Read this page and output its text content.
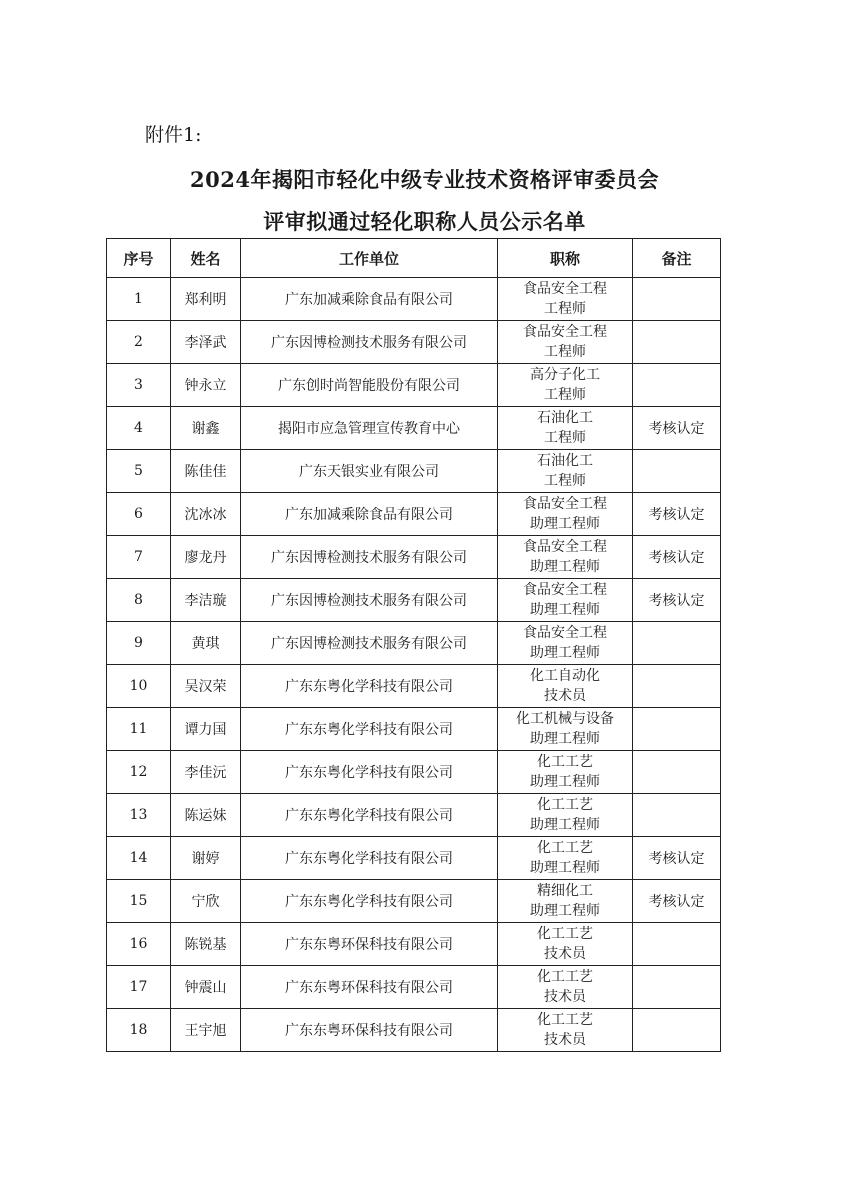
附件1:
2024年揭阳市轻化中级专业技术资格评审委员会
评审拟通过轻化职称人员公示名单
序号	姓名	工作单位	职称	备注
1	郑利明	广东加减乘除食品有限公司	食品安全工程
工程师	

2	李泽武	广东因博检测技术服务有限公司	食品安全工程
工程师	

3	钟永立	广东创时尚智能股份有限公司	高分子化工
工程师	

4	谢鑫	揭阳市应急管理宣传教育中心	石油化工
工程师	考核认定
5	陈佳佳	广东天银实业有限公司	石油化工
工程师	

6	沈冰冰	广东加减乘除食品有限公司	食品安全工程
助理工程师	考核认定
7	廖龙丹	广东因博检测技术服务有限公司	食品安全工程
助理工程师	考核认定
8	李洁璇	广东因博检测技术服务有限公司	食品安全工程
助理工程师	考核认定
9	黄琪	广东因博检测技术服务有限公司	食品安全工程
助理工程师	

10	吴汉荣	广东东粤化学科技有限公司	化工自动化
技术员	

11	谭力国	广东东粤化学科技有限公司	化工机械与设备
助理工程师	

12	李佳沅	广东东粤化学科技有限公司	化工工艺
助理工程师	

13	陈运妹	广东东粤化学科技有限公司	化工工艺
助理工程师	

14	谢婷	广东东粤化学科技有限公司	化工工艺
助理工程师	考核认定
15	宁欣	广东东粤化学科技有限公司	精细化工
助理工程师	考核认定
16	陈锐基	广东东粤环保科技有限公司	化工工艺
技术员	

17	钟震山	广东东粤环保科技有限公司	化工工艺
技术员	

18	王宇旭	广东东粤环保科技有限公司	化工工艺
技术员	
